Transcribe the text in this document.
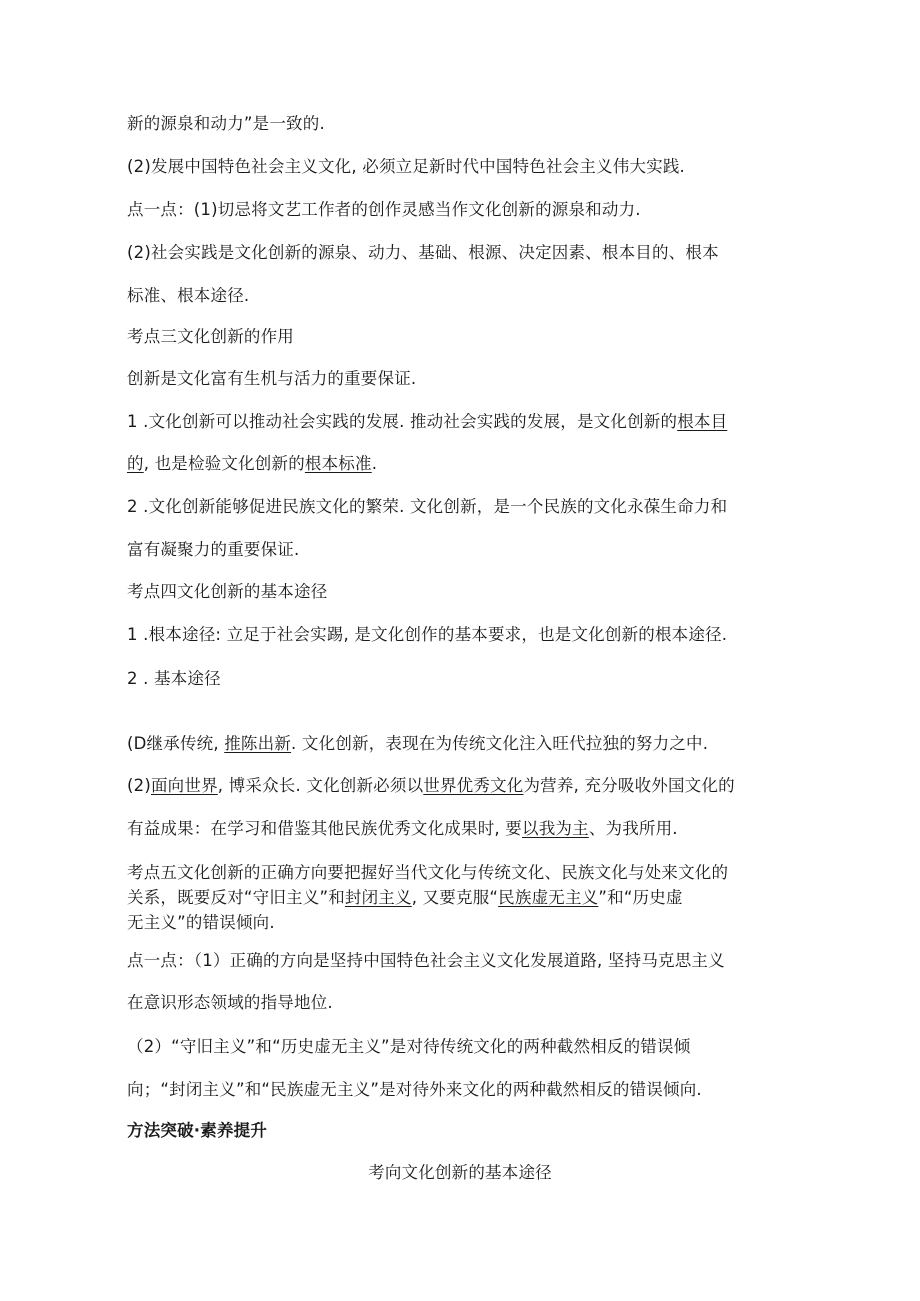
新的源泉和动力”是一致的.

(2)发展中国特色社会主义文化, 必须立足新时代中国特色社会主义伟大实践.

点一点：(1)切忌将文艺工作者的创作灵感当作文化创新的源泉和动力.

(2)社会实践是文化创新的源泉、动力、基础、根源、决定因素、根本目的、根本

标准、根本途径.

考点三文化创新的作用

创新是文化富有生机与活力的重要保证.

1 .文化创新可以推动社会实践的发展. 推动社会实践的发展，是文化创新的根本目

的, 也是检验文化创新的根本标准.

2 .文化创新能够促进民族文化的繁荣. 文化创新，是一个民族的文化永葆生命力和

富有凝聚力的重要保证.

考点四文化创新的基本途径

1 .根本途径: 立足于社会实踢, 是文化创作的基本要求，也是文化创新的根本途径.

2 . 基本途径

(D继承传统, 推陈出新. 文化创新，表现在为传统文化注入旺代拉独的努力之中.

(2)面向世界, 博采众长. 文化创新必须以世界优秀文化为营养, 充分吸收外国文化的

有益成果：在学习和借鉴其他民族优秀文化成果时, 要以我为主、为我所用.

考点五文化创新的正确方向要把握好当代文化与传统文化、民族文化与处来文化的

关系，既要反对“守旧主义”和封闭主义, 又要克服“民族虚无主义”和“历史虚

无主义”的错误倾向.

点一点：（1）正确的方向是坚持中国特色社会主义文化发展道路, 坚持马克思主义

在意识形态领域的指导地位.

（2）“守旧主义”和“历史虚无主义”是对待传统文化的两种截然相反的错误倾

向；“封闭主义”和“民族虚无主义”是对待外来文化的两种截然相反的错误倾向.

方法突破·素养提升

考向文化创新的基本途径
